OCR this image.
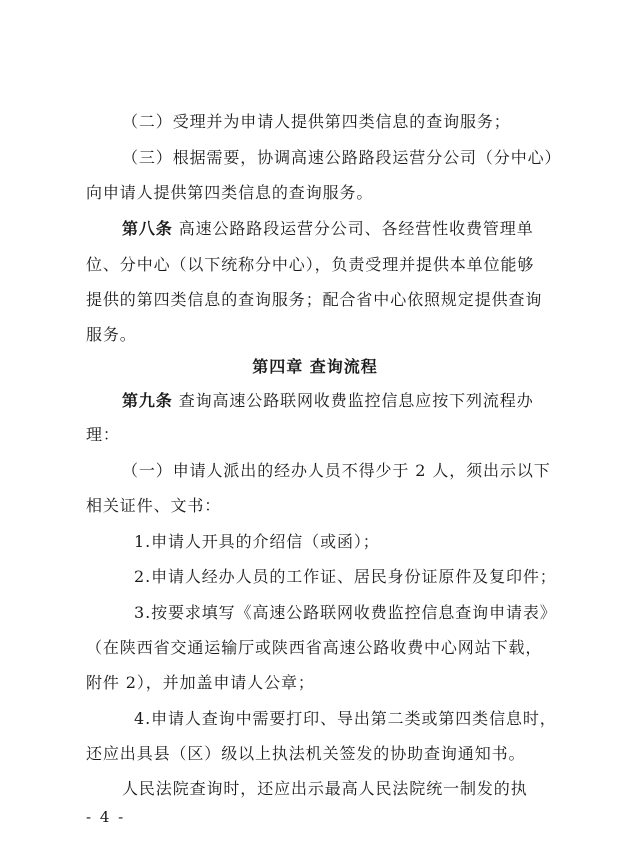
（二）受理并为申请人提供第四类信息的查询服务；
（三）根据需要，协调高速公路路段运营分公司（分中心）
向申请人提供第四类信息的查询服务。
第八条 高速公路路段运营分公司、各经营性收费管理单
位、分中心（以下统称分中心），负责受理并提供本单位能够
提供的第四类信息的查询服务；配合省中心依照规定提供查询
服务。
第四章 查询流程
第九条 查询高速公路联网收费监控信息应按下列流程办
理：
（一）申请人派出的经办人员不得少于 2 人，须出示以下
相关证件、文书：
1.申请人开具的介绍信（或函）；
2.申请人经办人员的工作证、居民身份证原件及复印件；
3.按要求填写《高速公路联网收费监控信息查询申请表》
（在陕西省交通运输厅或陕西省高速公路收费中心网站下载，
附件 2），并加盖申请人公章；
4.申请人查询中需要打印、导出第二类或第四类信息时，
还应出具县（区）级以上执法机关签发的协助查询通知书。
人民法院查询时，还应出示最高人民法院统一制发的执
- 4 -
